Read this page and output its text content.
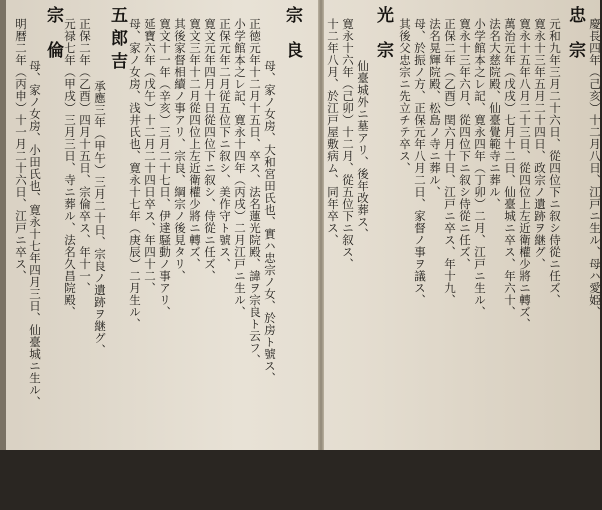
宗 良
母、家ノ女房、大和宮田氏也、實ハ忠宗ノ女、於房ト號ス、
正徳元年十二月十五日、卒ス、法名蓮光院殿、諱ヲ宗良ト云フ、
小学館本之レ記、寛永十四年（丙戌）二月江戸ニ生ル、
正保元年二月従五位下ニ叙シ、美作守ト號ス、
寛文元年四月十日從四位下ニ叙シ、侍從ニ任ズ、
寛文三年十二月從四位上左近衛權少將ニ轉ズ、
其後家督相續ノ事アリ、宗良、綱宗ノ後見タリ、
寛文十一年（辛亥）三月二十七日、伊達騒動ノ事アリ、
延寶六年（戊午）十二月二十四日卒ス、年四十二、
母、家ノ女房、浅井氏也、寛永十七年（庚辰）二月生ル、
五郎吉
承應三年（甲午）三月二十日、宗良ノ遺跡ヲ継グ、
正保二年（乙酉）四月十五日、宗倫卒ス、年十一、
元禄七年（甲戌）三月三日、寺ニ葬ル、法名久昌院殿、
宗 倫
母、家ノ女房、小田氏也、寛永十七年四月三日、仙臺城ニ生ル、
明暦二年（丙申）十一月二十六日、江戸ニ卒ス、	慶長四年（己亥）十二月八日、江戸ニ生ル、母ハ愛姫、
忠 宗
元和九年三月二十六日、從四位下ニ叙シ侍從ニ任ズ、
寛永十三年五月二十四日、政宗ノ遺跡ヲ継グ、
寛永十五年八月二十三日、從四位上左近衛權少將ニ轉ズ、
萬治元年（戊戌）七月十二日、仙臺城ニ卒ス、年六十、
法名大慈院殿、仙臺覺範寺ニ葬ル、
小学館本之レ記、寛永四年（丁卯）二月、江戸ニ生ル、
寛永十三年六月、從四位下ニ叙シ侍從ニ任ズ、
正保二年（乙酉）閏六月十日、江戸ニ卒ス、年十九、
法名晃輝院殿、松島ノ寺ニ葬ル、
母、於振ノ方、正保元年八月二日、家督ノ事ヲ議ス、
其後父忠宗ニ先立チテ卒ス、
光 宗
仙臺城外ニ墓アリ、後年改葬ス、
寛永十六年（己卯）十二月、從五位下ニ叙ス、
十二年八月、於江戸屋敷病ム、同年卒ス、
